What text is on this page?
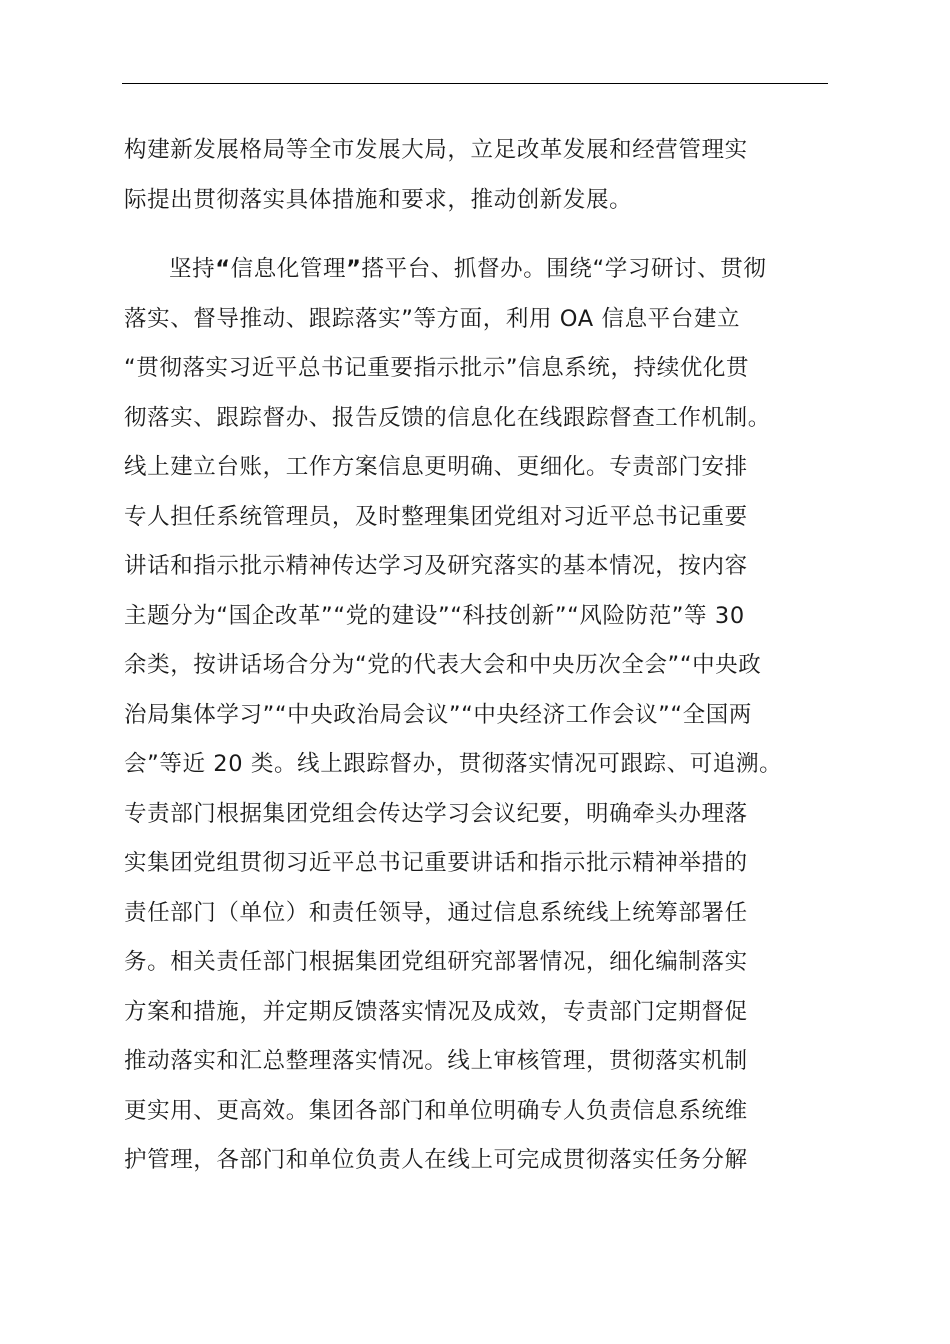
构建新发展格局等全市发展大局，立足改革发展和经营管理实
际提出贯彻落实具体措施和要求，推动创新发展。
坚持“信息化管理”搭平台、抓督办。围绕“学习研讨、贯彻
落实、督导推动、跟踪落实”等方面，利用 OA 信息平台建立
“贯彻落实习近平总书记重要指示批示”信息系统，持续优化贯
彻落实、跟踪督办、报告反馈的信息化在线跟踪督查工作机制。
线上建立台账，工作方案信息更明确、更细化。专责部门安排
专人担任系统管理员，及时整理集团党组对习近平总书记重要
讲话和指示批示精神传达学习及研究落实的基本情况，按内容
主题分为“国企改革”“党的建设”“科技创新”“风险防范”等 30
余类，按讲话场合分为“党的代表大会和中央历次全会”“中央政
治局集体学习”“中央政治局会议”“中央经济工作会议”“全国两
会”等近 20 类。线上跟踪督办，贯彻落实情况可跟踪、可追溯。
专责部门根据集团党组会传达学习会议纪要，明确牵头办理落
实集团党组贯彻习近平总书记重要讲话和指示批示精神举措的
责任部门（单位）和责任领导，通过信息系统线上统筹部署任
务。相关责任部门根据集团党组研究部署情况，细化编制落实
方案和措施，并定期反馈落实情况及成效，专责部门定期督促
推动落实和汇总整理落实情况。线上审核管理，贯彻落实机制
更实用、更高效。集团各部门和单位明确专人负责信息系统维
护管理，各部门和单位负责人在线上可完成贯彻落实任务分解
